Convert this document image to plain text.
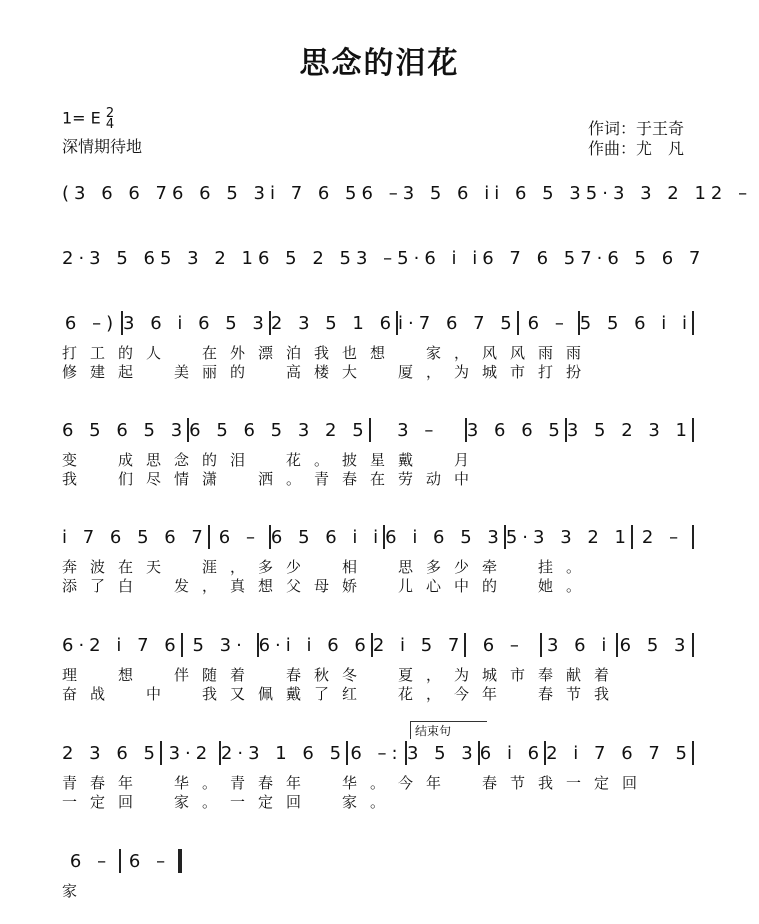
思念的泪花
1= E 2
4
深情期待地
作词：于王奇
作曲：尤　凡
(3 6 6 7 6 6 5 3 i 7 6 5 6 – 3 5 6 i i 6 5 3 5·3 3 2 1 2 –
2·3 5 6 5 3 2 1 6 5 2 5 3 – 5·6 i i 6 7 6 5 7·6 5 6 7
6 –) 3 6 i 6 5 3 2 3 5 1 6 i·7 6 7 5 6 – 5 5 6 i i
打工的人　在外漂泊我也想　家，风风雨雨
修建起　美丽的　高楼大　厦，为城市打扮
6 5 6 5 3 6 5 6 5 3 2 5	3 –	3 6 6 5 3 5 2 3 1
变　成思念的泪　花。披星戴　月
我　们尽情潇　洒。青春在劳动中
i 7 6 5 6 7 6 – 6 5 6 i i 6 i 6 5 3 5·3 3 2 1 2 –
奔波在天　涯，多少　相　思多少牵　挂。
添了白　发，真想父母娇　儿心中的　她。
6·2 i 7 6 5 3· 6·i i 6 6 2 i 5 7	6 –	3 6 i 6 5 3
理　想　伴随着　春秋冬　夏，为城市奉献着
奋战　中　我又佩戴了红　花，今年　春节我
结束句
2 3 6 5 3·2 2·3 1 6 5 6 –: 3 5 3 6 i 6 2 i 7 6 7 5
青春年　华。青春年　华。今年　春节我一定回
一定回　家。一定回　家。
6 – 6 –
家
